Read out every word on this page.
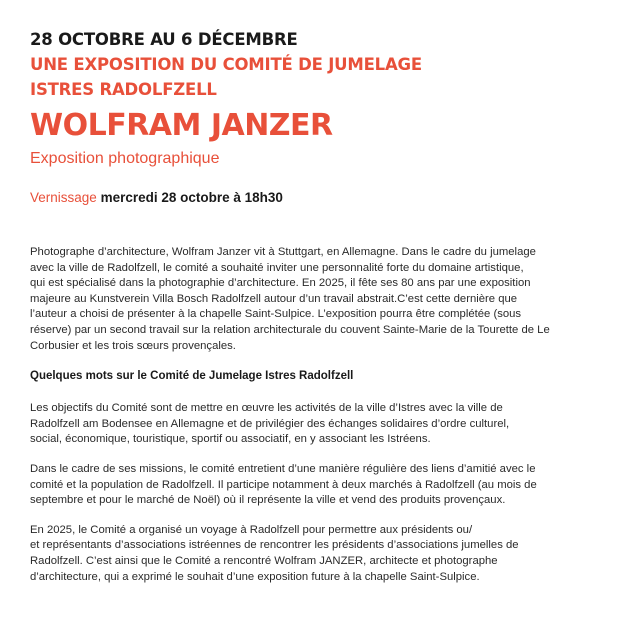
28 OCTOBRE AU 6 DÉCEMBRE
UNE EXPOSITION DU COMITÉ DE JUMELAGE
ISTRES RADOLFZELL
WOLFRAM JANZER
Exposition photographique
Vernissage mercredi 28 octobre à 18h30

Photographe d’architecture, Wolfram Janzer vit à Stuttgart, en Allemagne. Dans le cadre du jumelage
avec la ville de Radolfzell, le comité a souhaité inviter une personnalité forte du domaine artistique,
qui est spécialisé dans la photographie d’architecture. En 2025, il fête ses 80 ans par une exposition
majeure au Kunstverein Villa Bosch Radolfzell autour d’un travail abstrait.C’est cette dernière que
l’auteur a choisi de présenter à la chapelle Saint-Sulpice. L’exposition pourra être complétée (sous
réserve) par un second travail sur la relation architecturale du couvent Sainte-Marie de la Tourette de Le
Corbusier et les trois sœurs provençales.

Quelques mots sur le Comité de Jumelage Istres Radolfzell

Les objectifs du Comité sont de mettre en œuvre les activités de la ville d’Istres avec la ville de
Radolfzell am Bodensee en Allemagne et de privilégier des échanges solidaires d’ordre culturel,
social, économique, touristique, sportif ou associatif, en y associant les Istréens.

Dans le cadre de ses missions, le comité entretient d’une manière régulière des liens d’amitié avec le
comité et la population de Radolfzell. Il participe notamment à deux marchés à Radolfzell (au mois de
septembre et pour le marché de Noël) où il représente la ville et vend des produits provençaux.

En 2025, le Comité a organisé un voyage à Radolfzell pour permettre aux présidents ou/
et représentants d’associations istréennes de rencontrer les présidents d’associations jumelles de
Radolfzell. C’est ainsi que le Comité a rencontré Wolfram JANZER, architecte et photographe
d’architecture, qui a exprimé le souhait d’une exposition future à la chapelle Saint-Sulpice.
